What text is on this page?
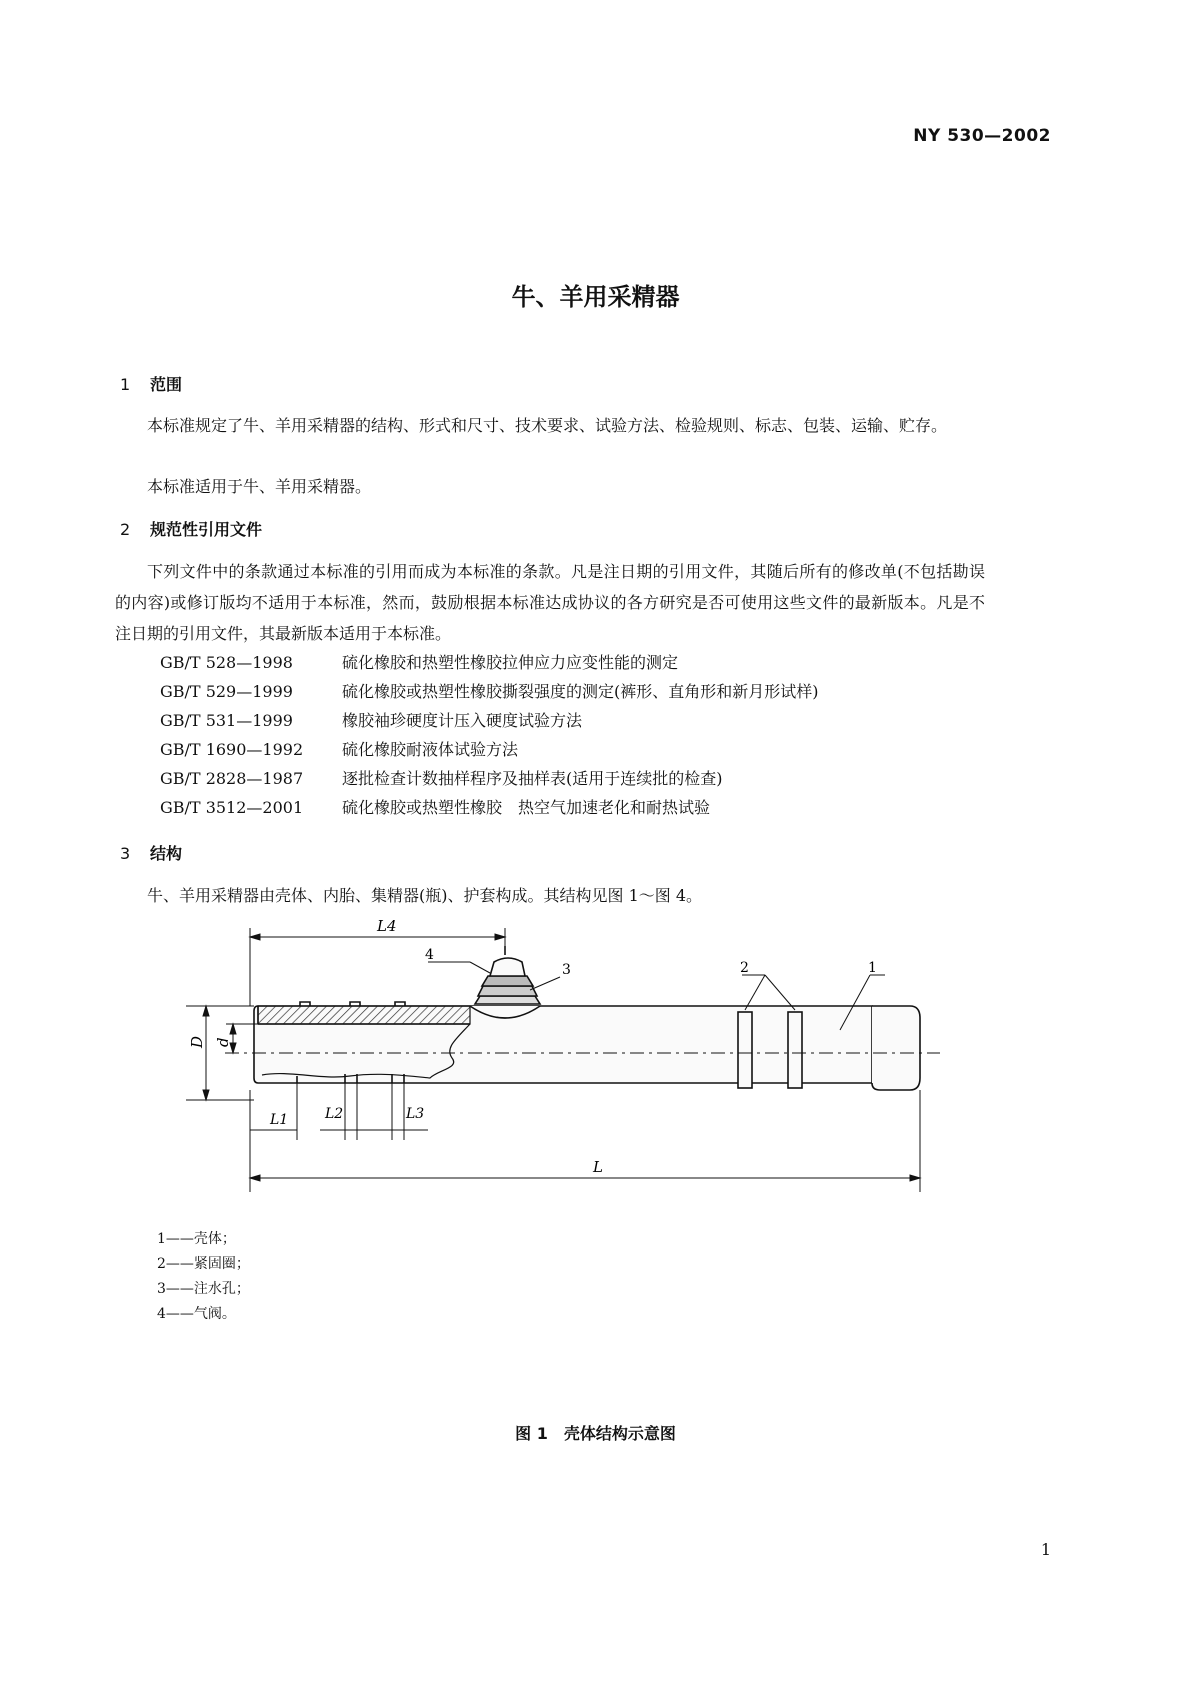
NY 530—2002
牛、羊用采精器
1 范围
本标准规定了牛、羊用采精器的结构、形式和尺寸、技术要求、试验方法、检验规则、标志、包装、运输、贮存。
本标准适用于牛、羊用采精器。
2 规范性引用文件
下列文件中的条款通过本标准的引用而成为本标准的条款。凡是注日期的引用文件，其随后所有的修改单(不包括勘误的内容)或修订版均不适用于本标准，然而，鼓励根据本标准达成协议的各方研究是否可使用这些文件的最新版本。凡是不注日期的引用文件，其最新版本适用于本标准。
GB/T 528—1998	硫化橡胶和热塑性橡胶拉伸应力应变性能的测定
GB/T 529—1999	硫化橡胶或热塑性橡胶撕裂强度的测定(裤形、直角形和新月形试样)
GB/T 531—1999	橡胶袖珍硬度计压入硬度试验方法
GB/T 1690—1992 硫化橡胶耐液体试验方法
GB/T 2828—1987 逐批检查计数抽样程序及抽样表(适用于连续批的检查)
GB/T 3512—2001 硫化橡胶或热塑性橡胶　热空气加速老化和耐热试验
3 结构
牛、羊用采精器由壳体、内胎、集精器(瓶)、护套构成。其结构见图 1～图 4。
L4
L
L1	L2	L3
D d
1
2
3
4
1——壳体；
2——紧固圈；
3——注水孔；
4——气阀。
图 1　壳体结构示意图
1
